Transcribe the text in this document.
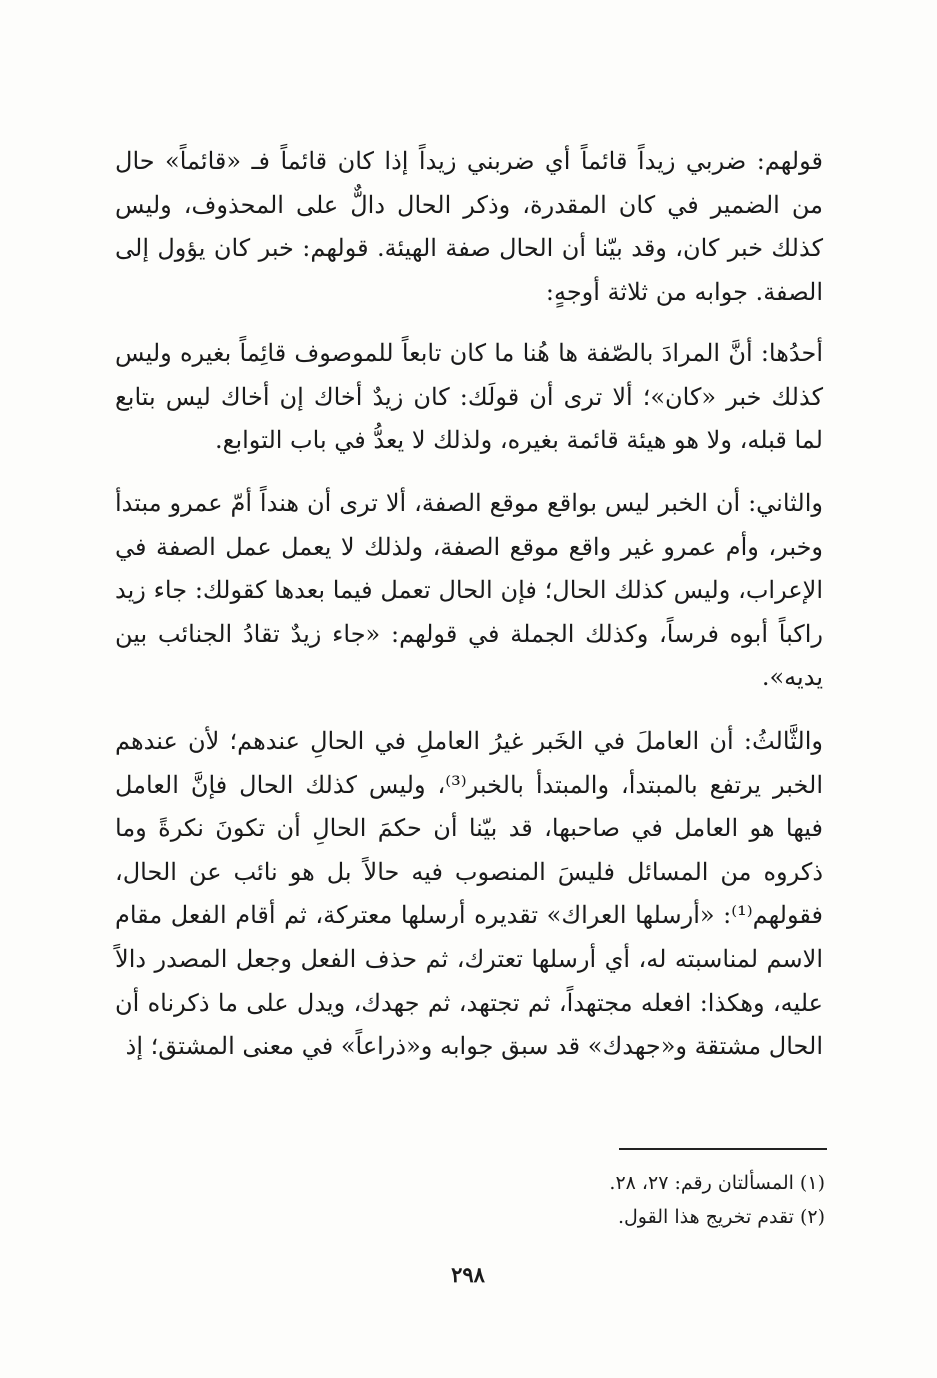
قولهم: ضربي زيداً قائماً أي ضربني زيداً إذا كان قائماً فـ «قائماً» حال من الضمير في كان المقدرة، وذكر الحال دالٌّ على المحذوف، وليس كذلك خبر كان، وقد بيّنا أن الحال صفة الهيئة. قولهم: خبر كان يؤول إلى الصفة. جوابه من ثلاثة أوجهٍ:

أحدُها: أنَّ المرادَ بالصّفة ها هُنا ما كان تابعاً للموصوف قائِماً بغيره وليس كذلك خبر «كان»؛ ألا ترى أن قولَك: كان زيدٌ أخاك إن أخاك ليس بتابع لما قبله، ولا هو هيئة قائمة بغيره، ولذلك لا يعدُّ في باب التوابع.

والثاني: أن الخبر ليس بواقع موقع الصفة، ألا ترى أن هنداً أمّ عمرو مبتدأ وخبر، وأم عمرو غير واقع موقع الصفة، ولذلك لا يعمل عمل الصفة في الإعراب، وليس كذلك الحال؛ فإن الحال تعمل فيما بعدها كقولك: جاء زيد راكباً أبوه فرساً، وكذلك الجملة في قولهم: «جاء زيدٌ تقادُ الجنائب بين يديه».

والثَّالثُ: أن العاملَ في الخَبر غيرُ العاملِ في الحالِ عندهم؛ لأن عندهم الخبر يرتفع بالمبتدأ، والمبتدأ بالخبر⁽³⁾، وليس كذلك الحال فإنَّ العامل فيها هو العامل في صاحبها، قد بيّنا أن حكمَ الحالِ أن تكونَ نكرةً وما ذكروه من المسائل فليسَ المنصوب فيه حالاً بل هو نائب عن الحال، فقولهم⁽¹⁾: «أرسلها العراك» تقديره أرسلها معتركة، ثم أقام الفعل مقام الاسم لمناسبته له، أي أرسلها تعترك، ثم حذف الفعل وجعل المصدر دالاً عليه، وهكذا: افعله مجتهداً، ثم تجتهد، ثم جهدك، ويدل على ما ذكرناه أن الحال مشتقة و«جهدك» قد سبق جوابه و«ذراعاً» في معنى المشتق؛ إذ

(١) المسألتان رقم: ٢٧، ٢٨.

(٢) تقدم تخريج هذا القول.

٢٩٨
